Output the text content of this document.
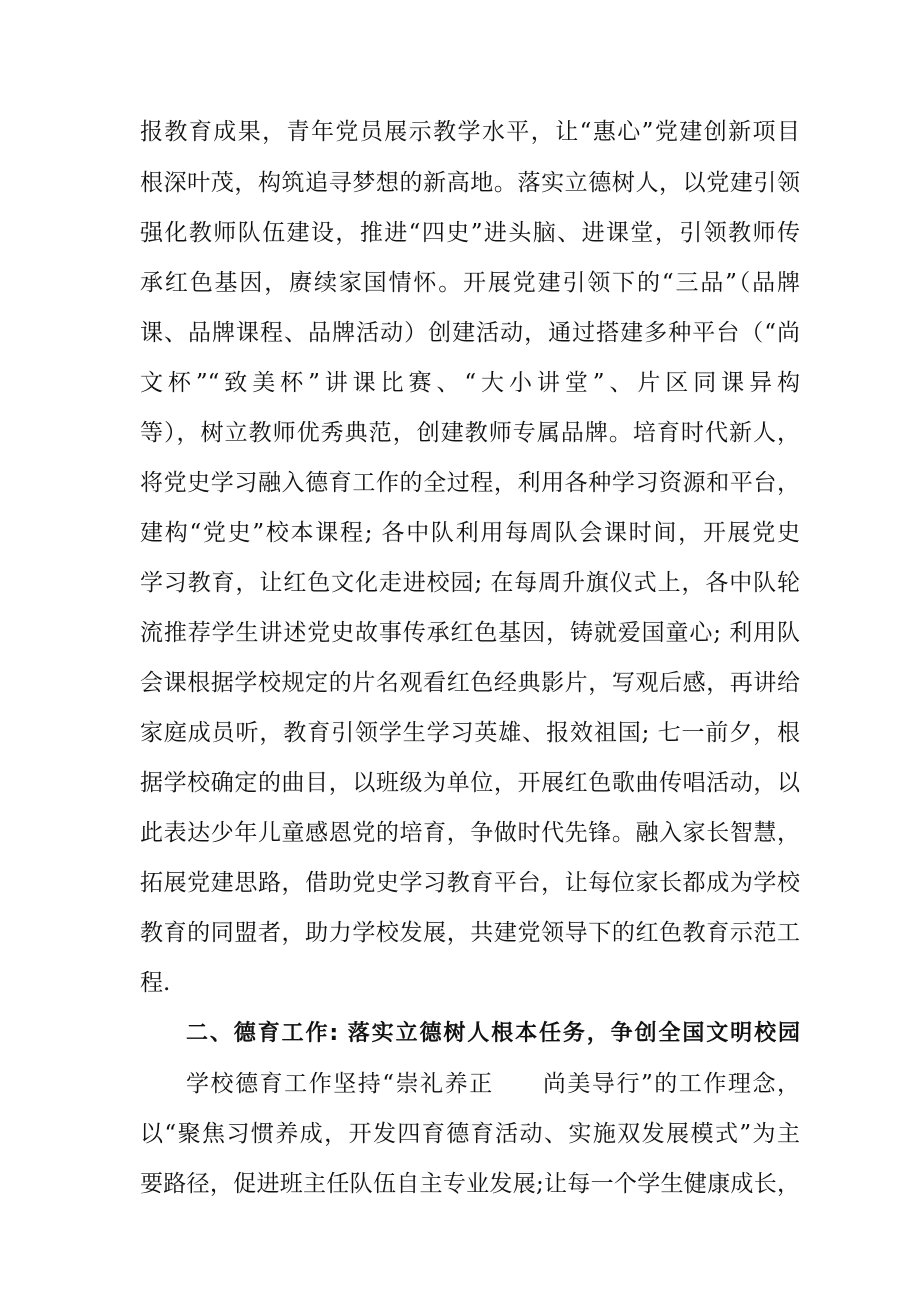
报教育成果，青年党员展示教学水平，让“惠心”党建创新项目
根深叶茂，构筑追寻梦想的新高地。落实立德树人，以党建引领
强化教师队伍建设，推进“四史”进头脑、进课堂，引领教师传
承红色基因，赓续家国情怀。开展党建引领下的“三品”（品牌
课、品牌课程、品牌活动）创建活动，通过搭建多种平台（“尚
文杯”“致美杯”讲课比赛、“大小讲堂”、片区同课异构
等），树立教师优秀典范，创建教师专属品牌。培育时代新人，
将党史学习融入德育工作的全过程，利用各种学习资源和平台，
建构“党史”校本课程; 各中队利用每周队会课时间，开展党史
学习教育，让红色文化走进校园; 在每周升旗仪式上，各中队轮
流推荐学生讲述党史故事传承红色基因，铸就爱国童心; 利用队
会课根据学校规定的片名观看红色经典影片，写观后感，再讲给
家庭成员听，教育引领学生学习英雄、报效祖国; 七一前夕，根
据学校确定的曲目，以班级为单位，开展红色歌曲传唱活动，以
此表达少年儿童感恩党的培育，争做时代先锋。融入家长智慧，
拓展党建思路，借助党史学习教育平台，让每位家长都成为学校
教育的同盟者，助力学校发展，共建党领导下的红色教育示范工
程.
二、德育工作: 落实立德树人根本任务，争创全国文明校园
学校德育工作坚持“崇礼养正　　尚美导行”的工作理念，
以“聚焦习惯养成，开发四育德育活动、实施双发展模式”为主
要路径，促进班主任队伍自主专业发展;让每一个学生健康成长，
